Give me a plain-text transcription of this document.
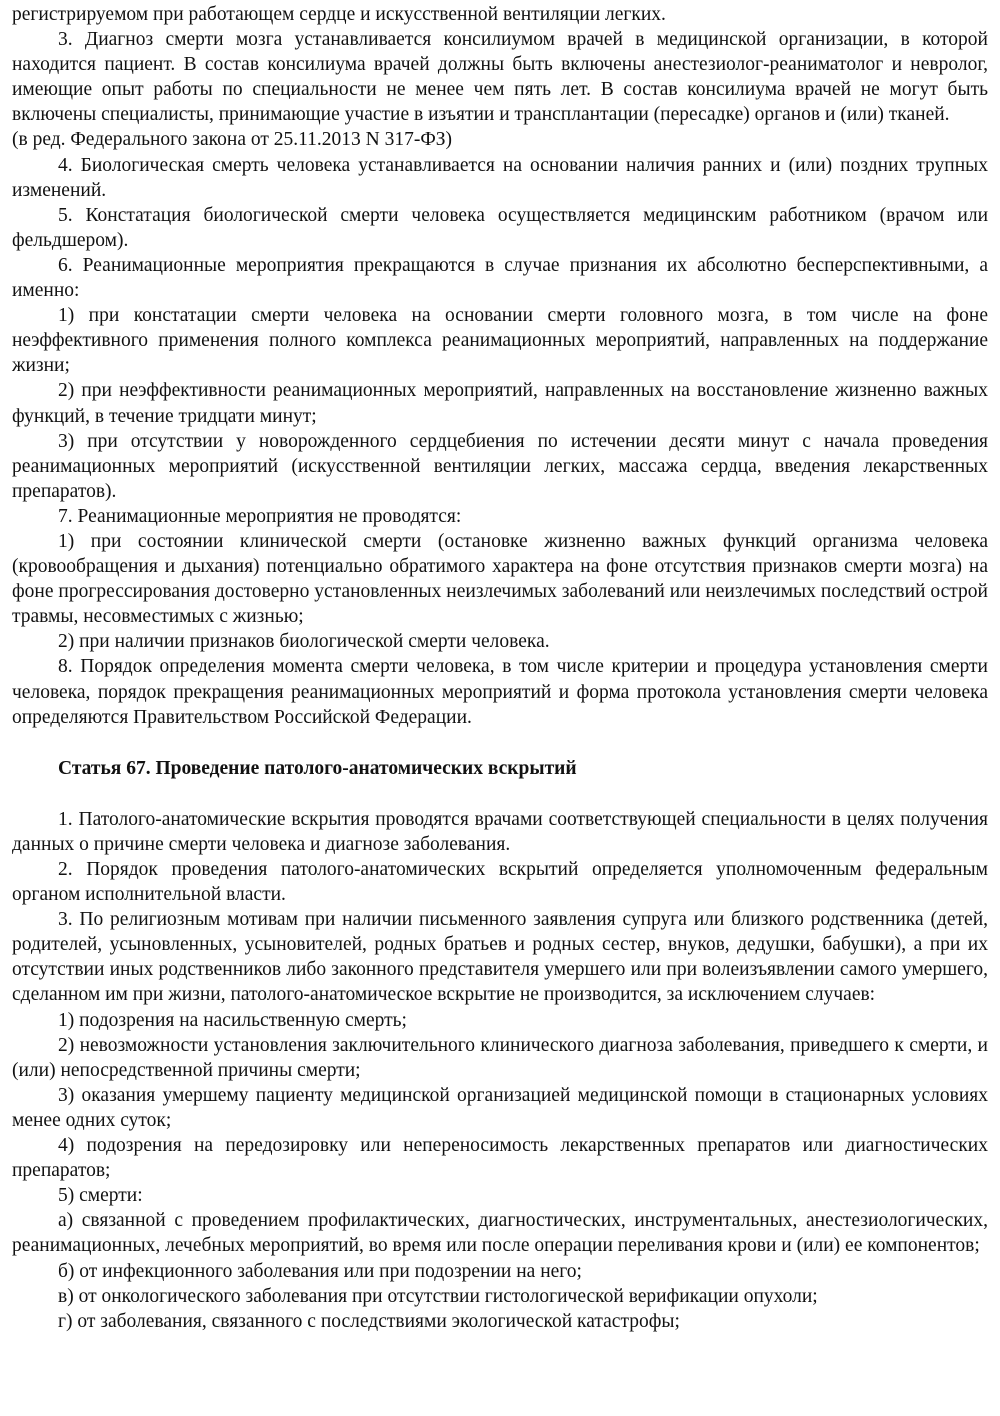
регистрируемом при работающем сердце и искусственной вентиляции легких.

3. Диагноз смерти мозга устанавливается консилиумом врачей в медицинской организации, в которой находится пациент. В состав консилиума врачей должны быть включены анестезиолог-реаниматолог и невролог, имеющие опыт работы по специальности не менее чем пять лет. В состав консилиума врачей не могут быть включены специалисты, принимающие участие в изъятии и трансплантации (пересадке) органов и (или) тканей.

(в ред. Федерального закона от 25.11.2013 N 317-ФЗ)

4. Биологическая смерть человека устанавливается на основании наличия ранних и (или) поздних трупных изменений.

5. Констатация биологической смерти человека осуществляется медицинским работником (врачом или фельдшером).

6. Реанимационные мероприятия прекращаются в случае признания их абсолютно бесперспективными, а именно:

1) при констатации смерти человека на основании смерти головного мозга, в том числе на фоне неэффективного применения полного комплекса реанимационных мероприятий, направленных на поддержание жизни;

2) при неэффективности реанимационных мероприятий, направленных на восстановление жизненно важных функций, в течение тридцати минут;

3) при отсутствии у новорожденного сердцебиения по истечении десяти минут с начала проведения реанимационных мероприятий (искусственной вентиляции легких, массажа сердца, введения лекарственных препаратов).

7. Реанимационные мероприятия не проводятся:

1) при состоянии клинической смерти (остановке жизненно важных функций организма человека (кровообращения и дыхания) потенциально обратимого характера на фоне отсутствия признаков смерти мозга) на фоне прогрессирования достоверно установленных неизлечимых заболеваний или неизлечимых последствий острой травмы, несовместимых с жизнью;

2) при наличии признаков биологической смерти человека.

8. Порядок определения момента смерти человека, в том числе критерии и процедура установления смерти человека, порядок прекращения реанимационных мероприятий и форма протокола установления смерти человека определяются Правительством Российской Федерации.

Статья 67. Проведение патолого-анатомических вскрытий

1. Патолого-анатомические вскрытия проводятся врачами соответствующей специальности в целях получения данных о причине смерти человека и диагнозе заболевания.

2. Порядок проведения патолого-анатомических вскрытий определяется уполномоченным федеральным органом исполнительной власти.

3. По религиозным мотивам при наличии письменного заявления супруга или близкого родственника (детей, родителей, усыновленных, усыновителей, родных братьев и родных сестер, внуков, дедушки, бабушки), а при их отсутствии иных родственников либо законного представителя умершего или при волеизъявлении самого умершего, сделанном им при жизни, патолого-анатомическое вскрытие не производится, за исключением случаев:

1) подозрения на насильственную смерть;

2) невозможности установления заключительного клинического диагноза заболевания, приведшего к смерти, и (или) непосредственной причины смерти;

3) оказания умершему пациенту медицинской организацией медицинской помощи в стационарных условиях менее одних суток;

4) подозрения на передозировку или непереносимость лекарственных препаратов или диагностических препаратов;

5) смерти:

а) связанной с проведением профилактических, диагностических, инструментальных, анестезиологических, реанимационных, лечебных мероприятий, во время или после операции переливания крови и (или) ее компонентов;

б) от инфекционного заболевания или при подозрении на него;

в) от онкологического заболевания при отсутствии гистологической верификации опухоли;

г) от заболевания, связанного с последствиями экологической катастрофы;
